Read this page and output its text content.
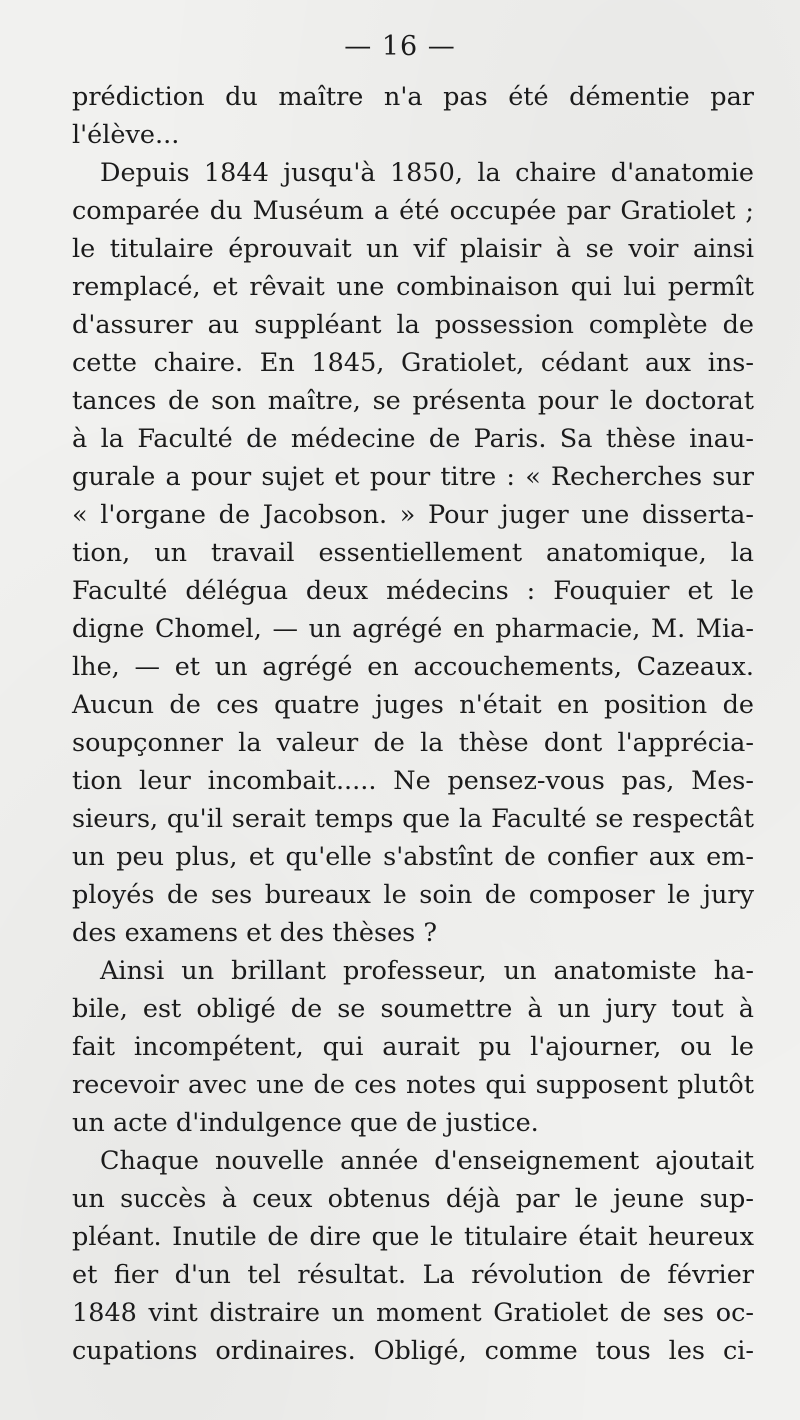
— 16 —
prédiction du maître n'a pas été démentie par
l'élève...
Depuis 1844 jusqu'à 1850, la chaire d'anatomie
comparée du Muséum a été occupée par Gratiolet ;
le titulaire éprouvait un vif plaisir à se voir ainsi
remplacé, et rêvait une combinaison qui lui permît
d'assurer au suppléant la possession complète de
cette chaire. En 1845, Gratiolet, cédant aux ins-
tances de son maître, se présenta pour le doctorat
à la Faculté de médecine de Paris. Sa thèse inau-
gurale a pour sujet et pour titre : « Recherches sur
« l'organe de Jacobson. » Pour juger une disserta-
tion, un travail essentiellement anatomique, la
Faculté délégua deux médecins : Fouquier et le
digne Chomel, — un agrégé en pharmacie, M. Mia-
lhe, — et un agrégé en accouchements, Cazeaux.
Aucun de ces quatre juges n'était en position de
soupçonner la valeur de la thèse dont l'apprécia-
tion leur incombait..... Ne pensez-vous pas, Mes-
sieurs, qu'il serait temps que la Faculté se respectât
un peu plus, et qu'elle s'abstînt de confier aux em-
ployés de ses bureaux le soin de composer le jury
des examens et des thèses ?
Ainsi un brillant professeur, un anatomiste ha-
bile, est obligé de se soumettre à un jury tout à
fait incompétent, qui aurait pu l'ajourner, ou le
recevoir avec une de ces notes qui supposent plutôt
un acte d'indulgence que de justice.
Chaque nouvelle année d'enseignement ajoutait
un succès à ceux obtenus déjà par le jeune sup-
pléant. Inutile de dire que le titulaire était heureux
et fier d'un tel résultat. La révolution de février
1848 vint distraire un moment Gratiolet de ses oc-
cupations ordinaires. Obligé, comme tous les ci-
